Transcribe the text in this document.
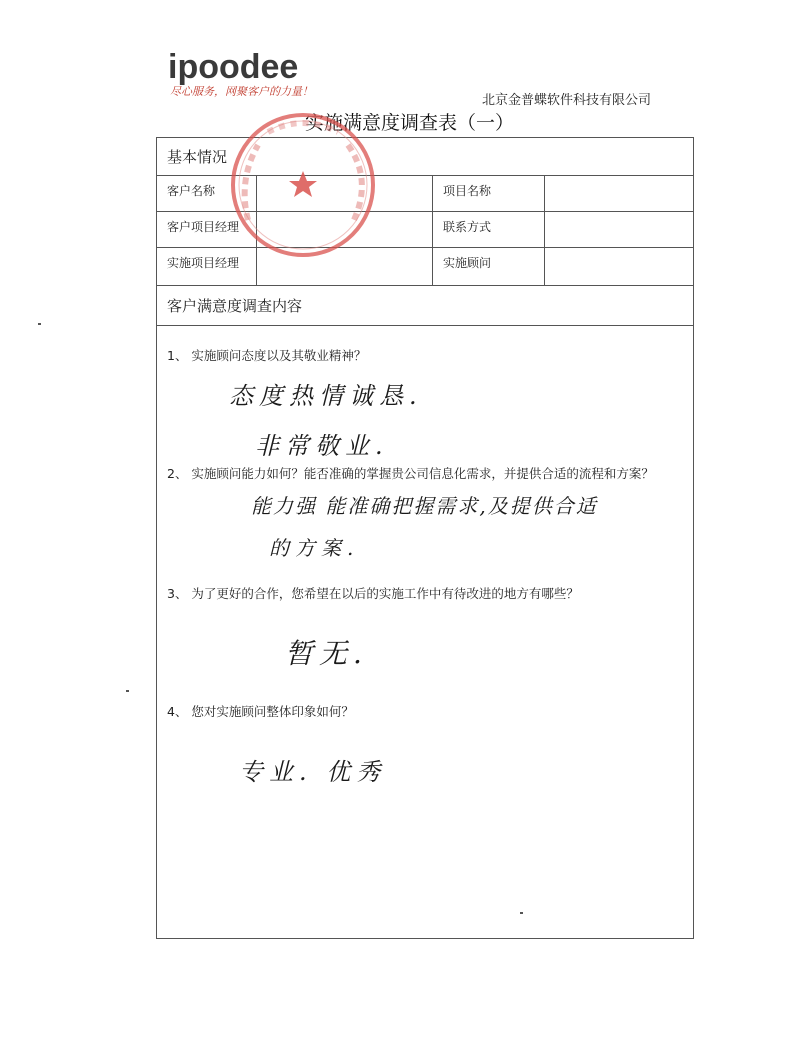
ipoodee
尽心服务，网聚客户的力量！
北京金普蝶软件科技有限公司
实施满意度调查表（一）
基本情况
客户名称	项目名称
客户项目经理	联系方式
实施项目经理	实施顾问
客户满意度调查内容
1、 实施顾问态度以及其敬业精神？
态度热情诚恳.
非常敬业.
2、 实施顾问能力如何？能否准确的掌握贵公司信息化需求，并提供合适的流程和方案？
能力强 能准确把握需求,及提供合适
的方案.
3、 为了更好的合作，您希望在以后的实施工作中有待改进的地方有哪些？
暂无.
4、 您对实施顾问整体印象如何？
专业. 优秀
